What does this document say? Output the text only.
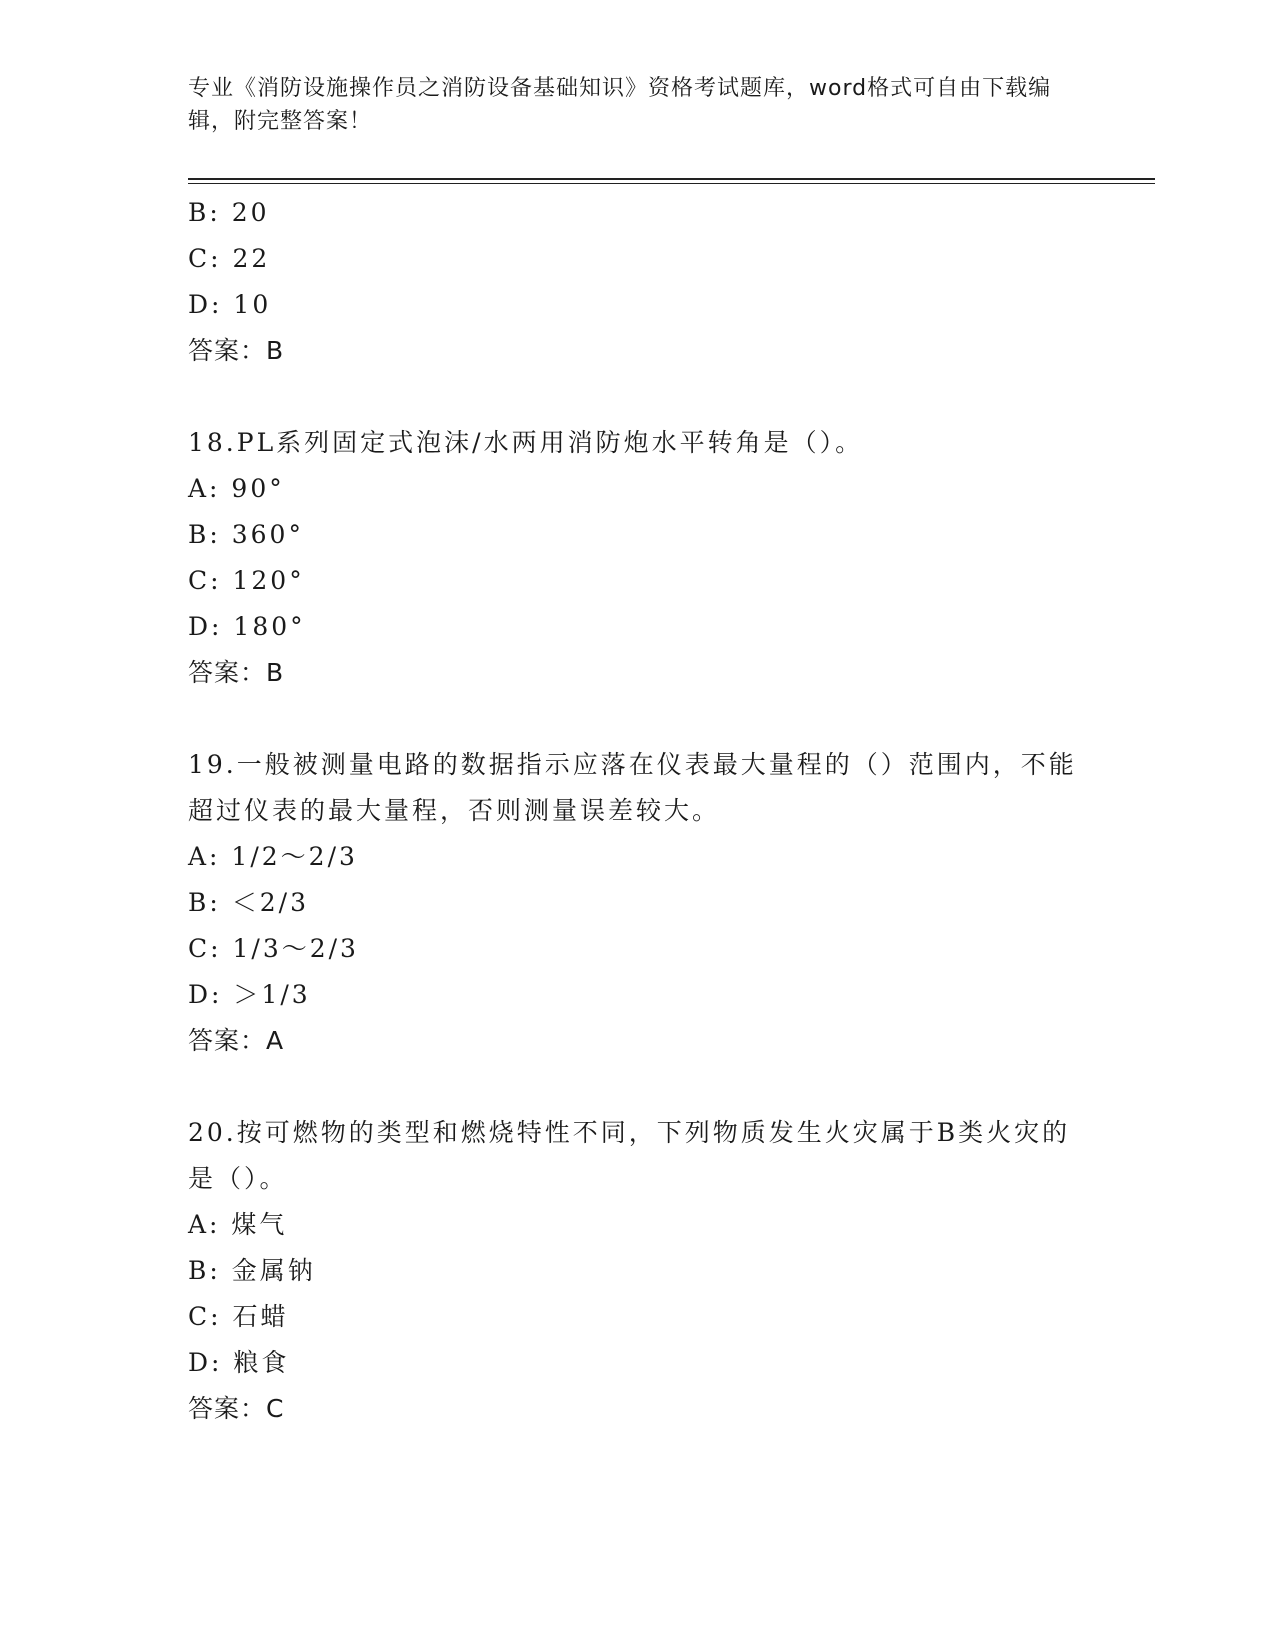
专业《消防设施操作员之消防设备基础知识》资格考试题库，word格式可自由下载编辑，附完整答案！
B: 20
C: 22
D: 10
答案：B
18.PL系列固定式泡沫/水两用消防炮水平转角是（）。
A: 90°
B: 360°
C: 120°
D: 180°
答案：B
19.一般被测量电路的数据指示应落在仪表最大量程的（）范围内，不能超过仪表的最大量程，否则测量误差较大。
A: 1/2～2/3
B: ＜2/3
C: 1/3～2/3
D: ＞1/3
答案：A
20.按可燃物的类型和燃烧特性不同，下列物质发生火灾属于B类火灾的是（）。
A: 煤气
B: 金属钠
C: 石蜡
D: 粮食
答案：C
